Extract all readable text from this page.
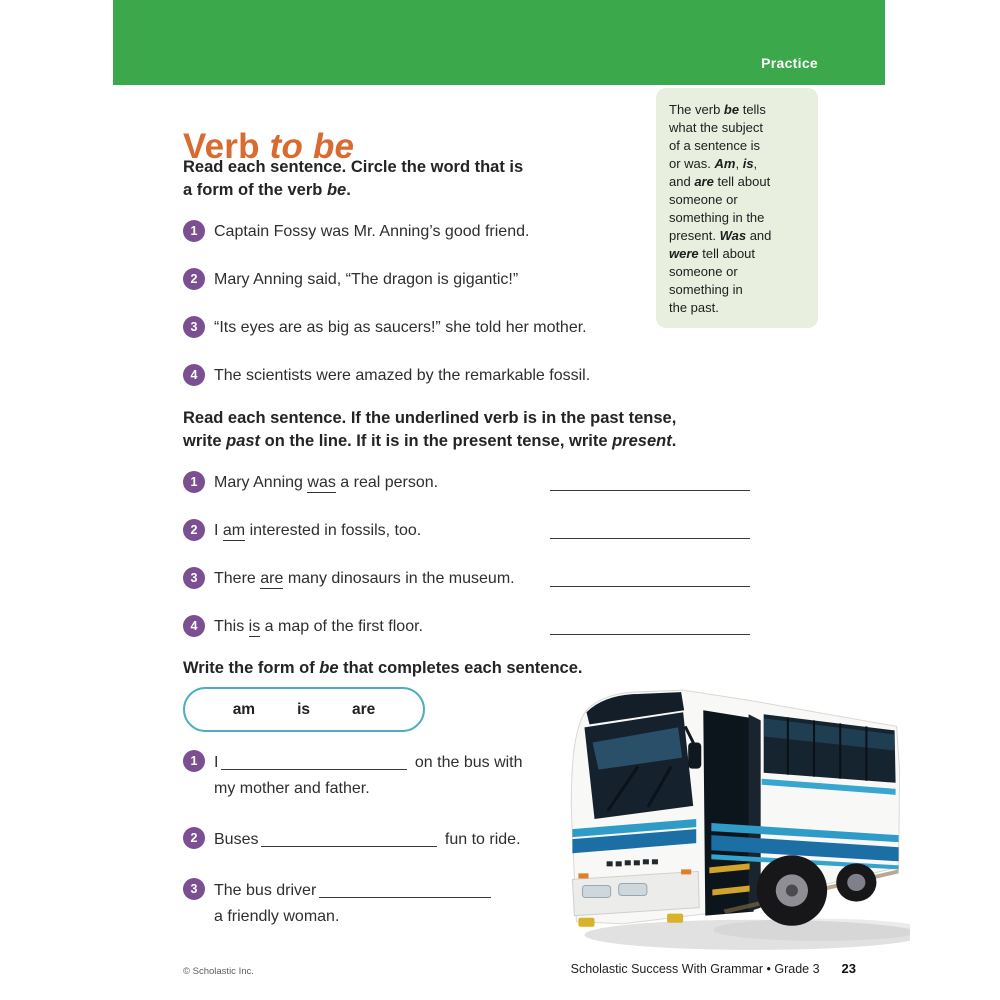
Practice
Verb to be
The verb be tells
what the subject
of a sentence is
or was. Am, is,
and are tell about
someone or
something in the
present. Was and
were tell about
someone or
something in
the past.
Read each sentence. Circle the word that is
a form of the verb be.
1	Captain Fossy was Mr. Anning’s good friend.

2	Mary Anning said, “The dragon is gigantic!”

3	“Its eyes are as big as saucers!” she told her mother.

4	The scientists were amazed by the remarkable fossil.

Read each sentence. If the underlined verb is in the past tense,
write past on the line. If it is in the present tense, write present.
1	Mary Anning was a real person.

2	I am interested in fossils, too.

3	There are many dinosaurs in the museum.

4	This is a map of the first floor.

Write the form of be that completes each sentence.
am	is	are
1	I	on the bus with

my mother and father.

2	Buses	fun to ride.

3	The bus driver

a friendly woman.

© Scholastic Inc.	Scholastic Success With Grammar • Grade 3 23
